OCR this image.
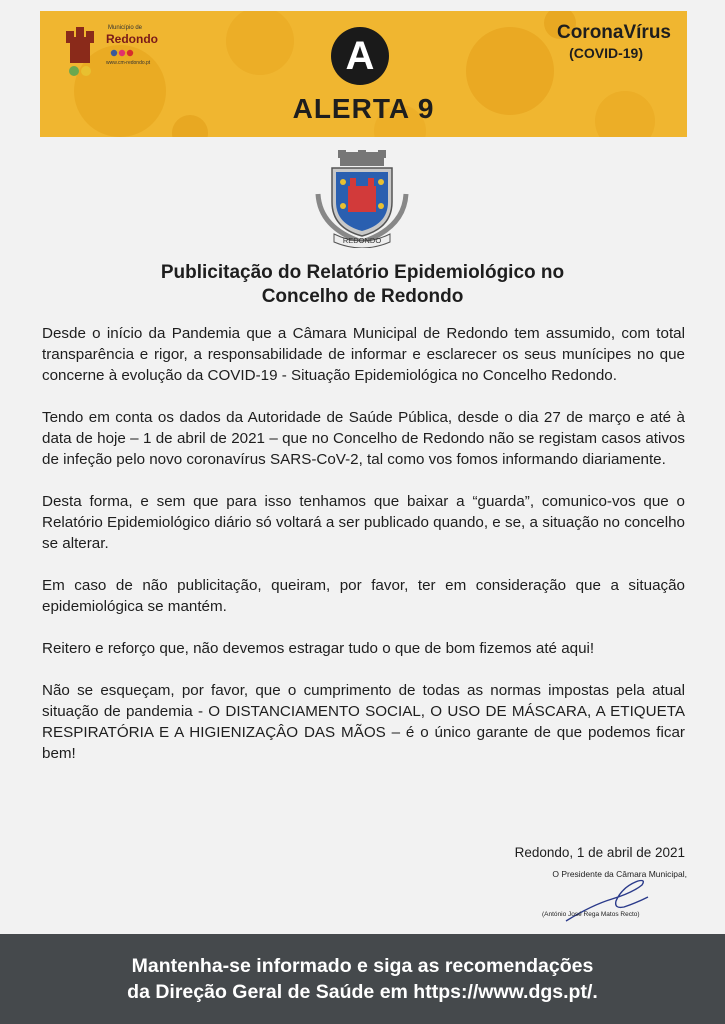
Município de
Redondo
www.cm-redondo.pt	A
ALERTA 9
CoronaVírus
(COVID-19)
REDONDO
Publicitação do Relatório Epidemiológico no
Concelho de Redondo

Desde o início da Pandemia que a Câmara Municipal de Redondo tem assumido, com total transparência e rigor, a responsabilidade de informar e esclarecer os seus munícipes no que concerne à evolução da COVID-19 - Situação Epidemiológica no Concelho Redondo.

Tendo em conta os dados da Autoridade de Saúde Pública, desde o dia 27 de março e até à data de hoje – 1 de abril de 2021 – que no Concelho de Redondo não se registam casos ativos de infeção pelo novo coronavírus SARS-CoV-2, tal como vos fomos informando diariamente.

Desta forma, e sem que para isso tenhamos que baixar a “guarda”, comunico-vos que o Relatório Epidemiológico diário só voltará a ser publicado quando, e se, a situação no concelho se alterar.

Em caso de não publicitação, queiram, por favor, ter em consideração que a situação epidemiológica se mantém.

Reitero e reforço que, não devemos estragar tudo o que de bom fizemos até aqui!

Não se esqueçam, por favor, que o cumprimento de todas as normas impostas pela atual situação de pandemia - O DISTANCIAMENTO SOCIAL, O USO DE MÁSCARA, A ETIQUETA RESPIRATÓRIA E A HIGIENIZAÇÂO DAS MÃOS – é o único garante de que podemos ficar bem!

Redondo, 1 de abril de 2021
O Presidente da Câmara Municipal,
(António José Rega Matos Recto)
Mantenha-se informado e siga as recomendações
da Direção Geral de Saúde em https://www.dgs.pt/.
